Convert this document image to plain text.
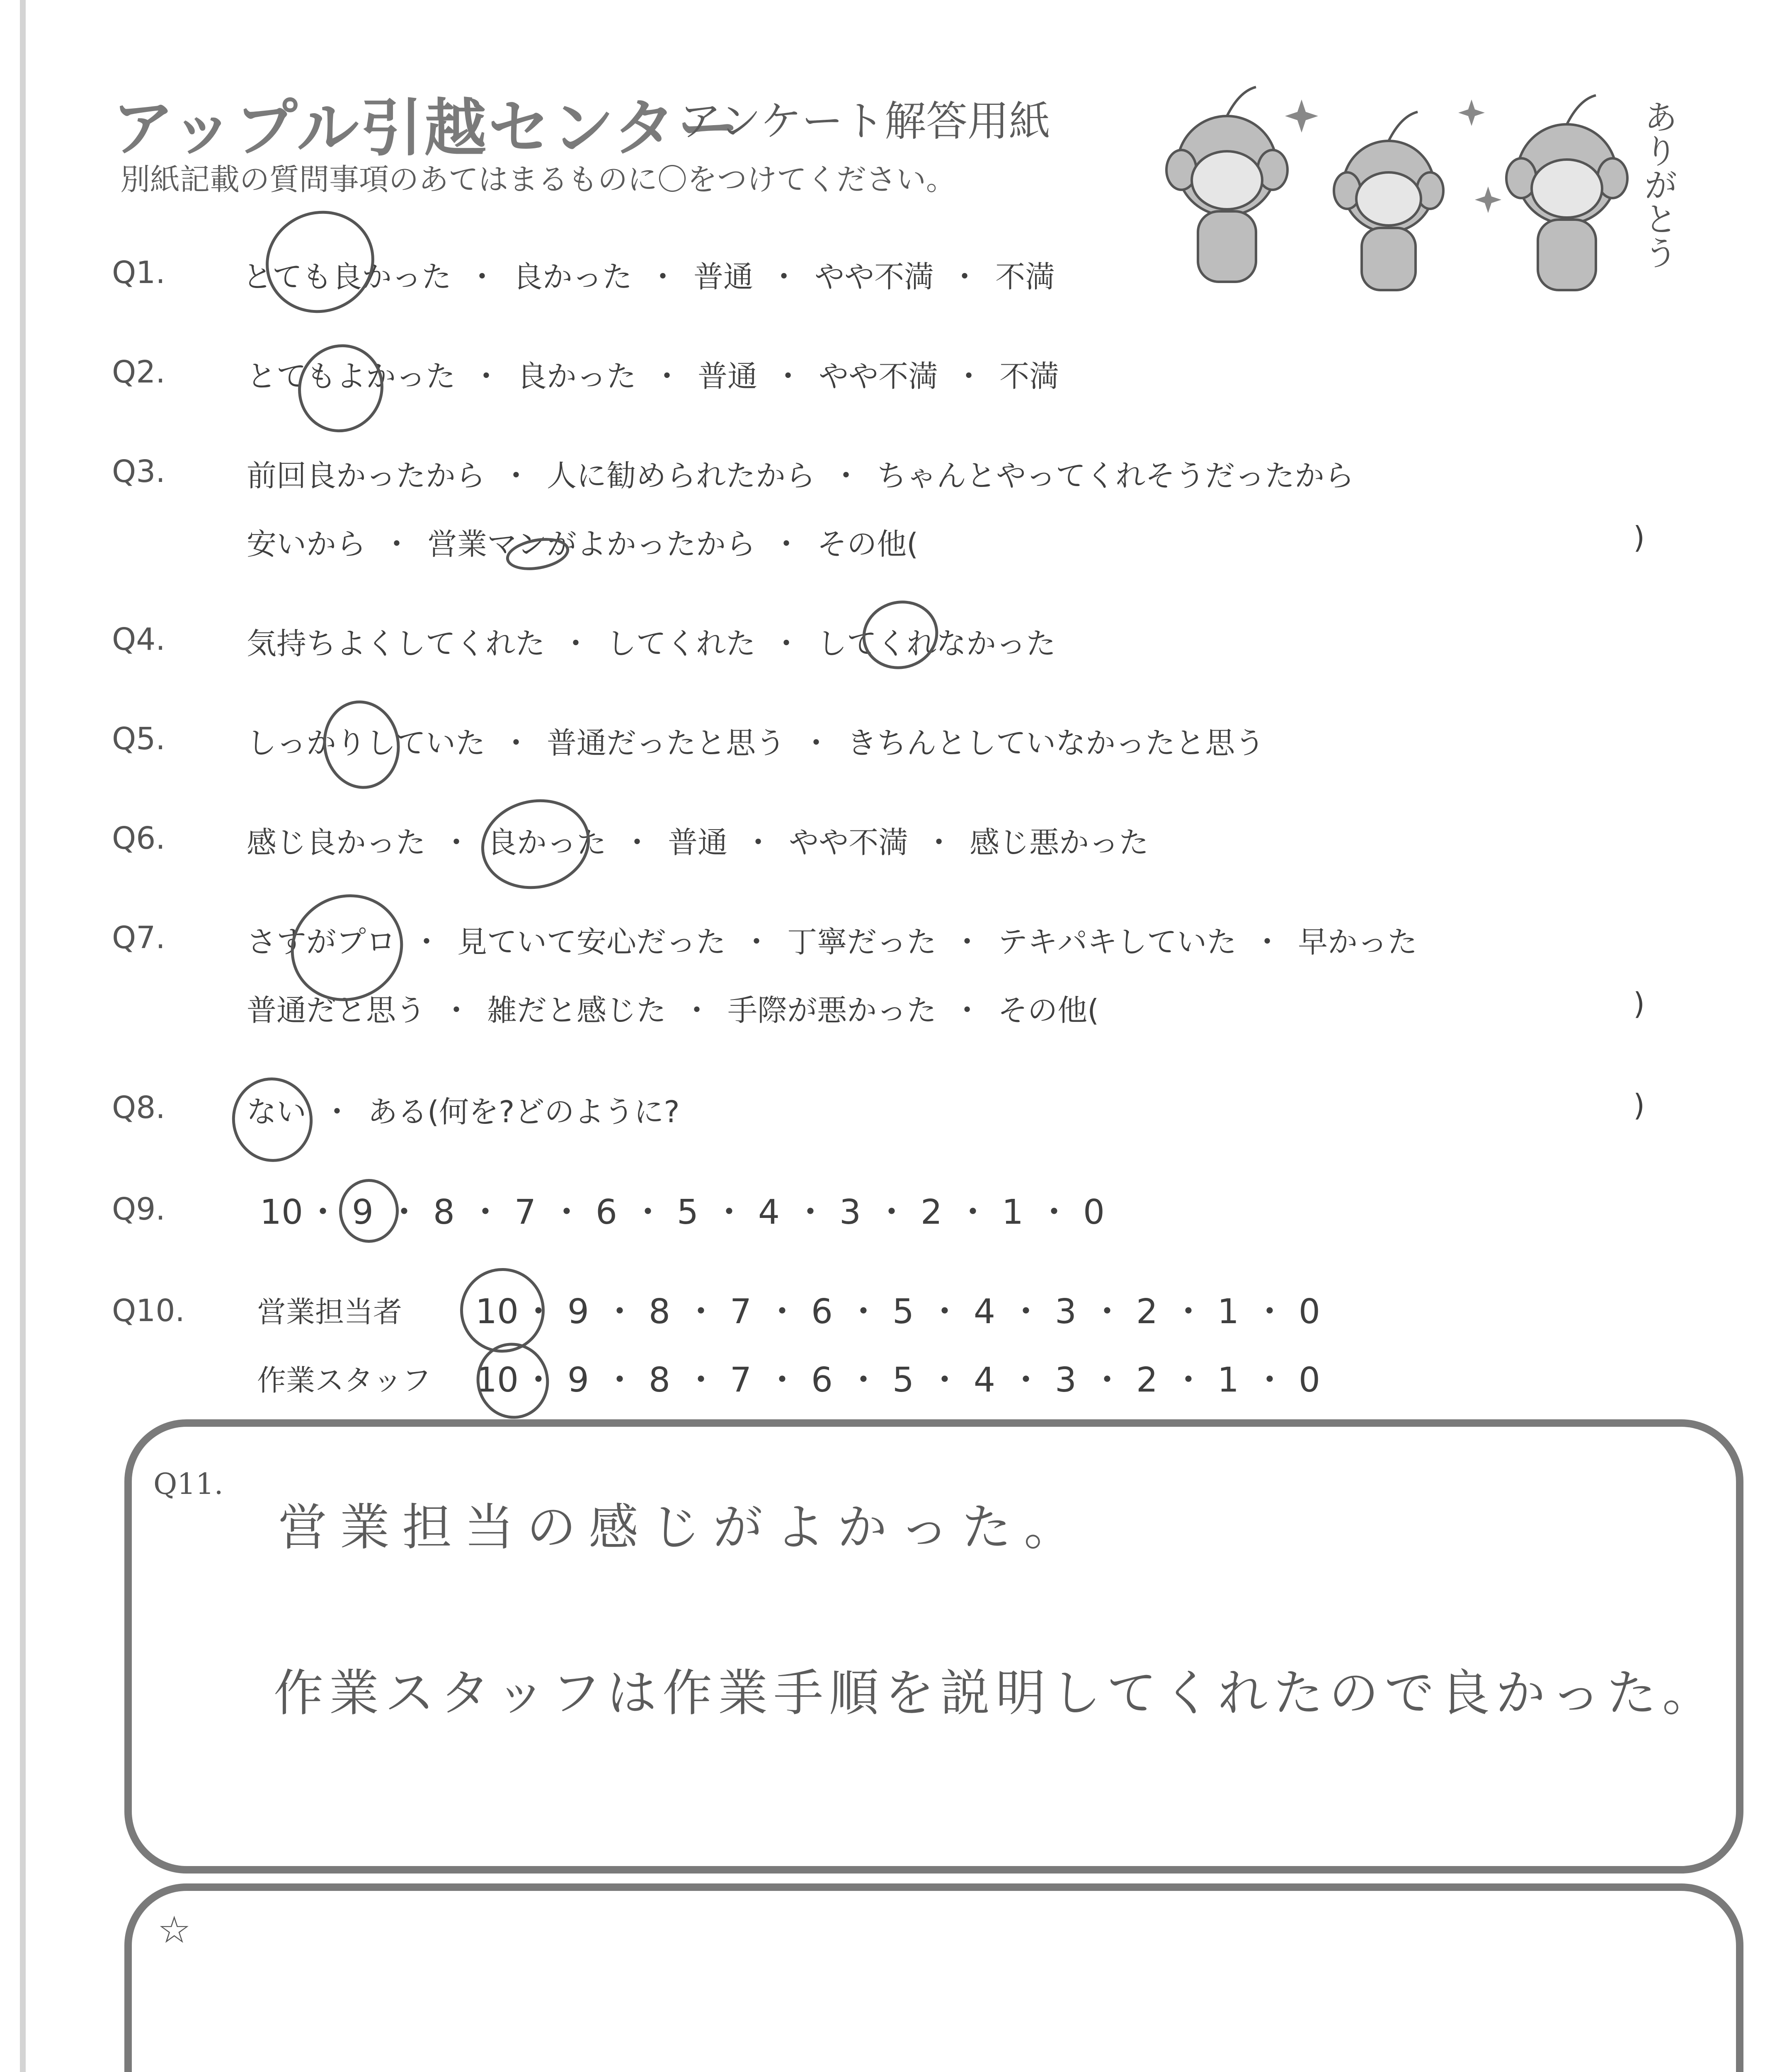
アップル引越センター
アンケート解答用紙
別紙記載の質問事項のあてはまるものに〇をつけてください。	ありがとう
Q1.	とても良かった ・ 良かった ・ 普通 ・ やや不満 ・ 不満
Q2.	とてもよかった ・ 良かった ・ 普通 ・ やや不満 ・ 不満
Q3.	前回良かったから ・ 人に勧められたから ・ ちゃんとやってくれそうだったから
安いから ・ 営業マンがよかったから ・ その他(	)
Q4.	気持ちよくしてくれた ・ してくれた ・ してくれなかった
Q5.	しっかりしていた ・ 普通だったと思う ・ きちんとしていなかったと思う
Q6.	感じ良かった ・ 良かった ・ 普通 ・ やや不満 ・ 感じ悪かった
Q7.	さすがプロ ・ 見ていて安心だった ・ 丁寧だった ・ テキパキしていた ・ 早かった
普通だと思う ・ 雑だと感じた ・ 手際が悪かった ・ その他(	)
Q8.	ない ・ ある(何を?どのように?	)
Q9.	10・ 9 ・ 8 ・ 7 ・ 6 ・ 5 ・ 4 ・ 3 ・ 2 ・ 1 ・ 0
Q10. 営業担当者 10・ 9 ・ 8 ・ 7 ・ 6 ・ 5 ・ 4 ・ 3 ・ 2 ・ 1 ・ 0
作業スタッフ 10・ 9 ・ 8 ・ 7 ・ 6 ・ 5 ・ 4 ・ 3 ・ 2 ・ 1 ・ 0
Q11.
営業担当の感じがよかった。
作業スタッフは作業手順を説明してくれたので良かった。
☆
